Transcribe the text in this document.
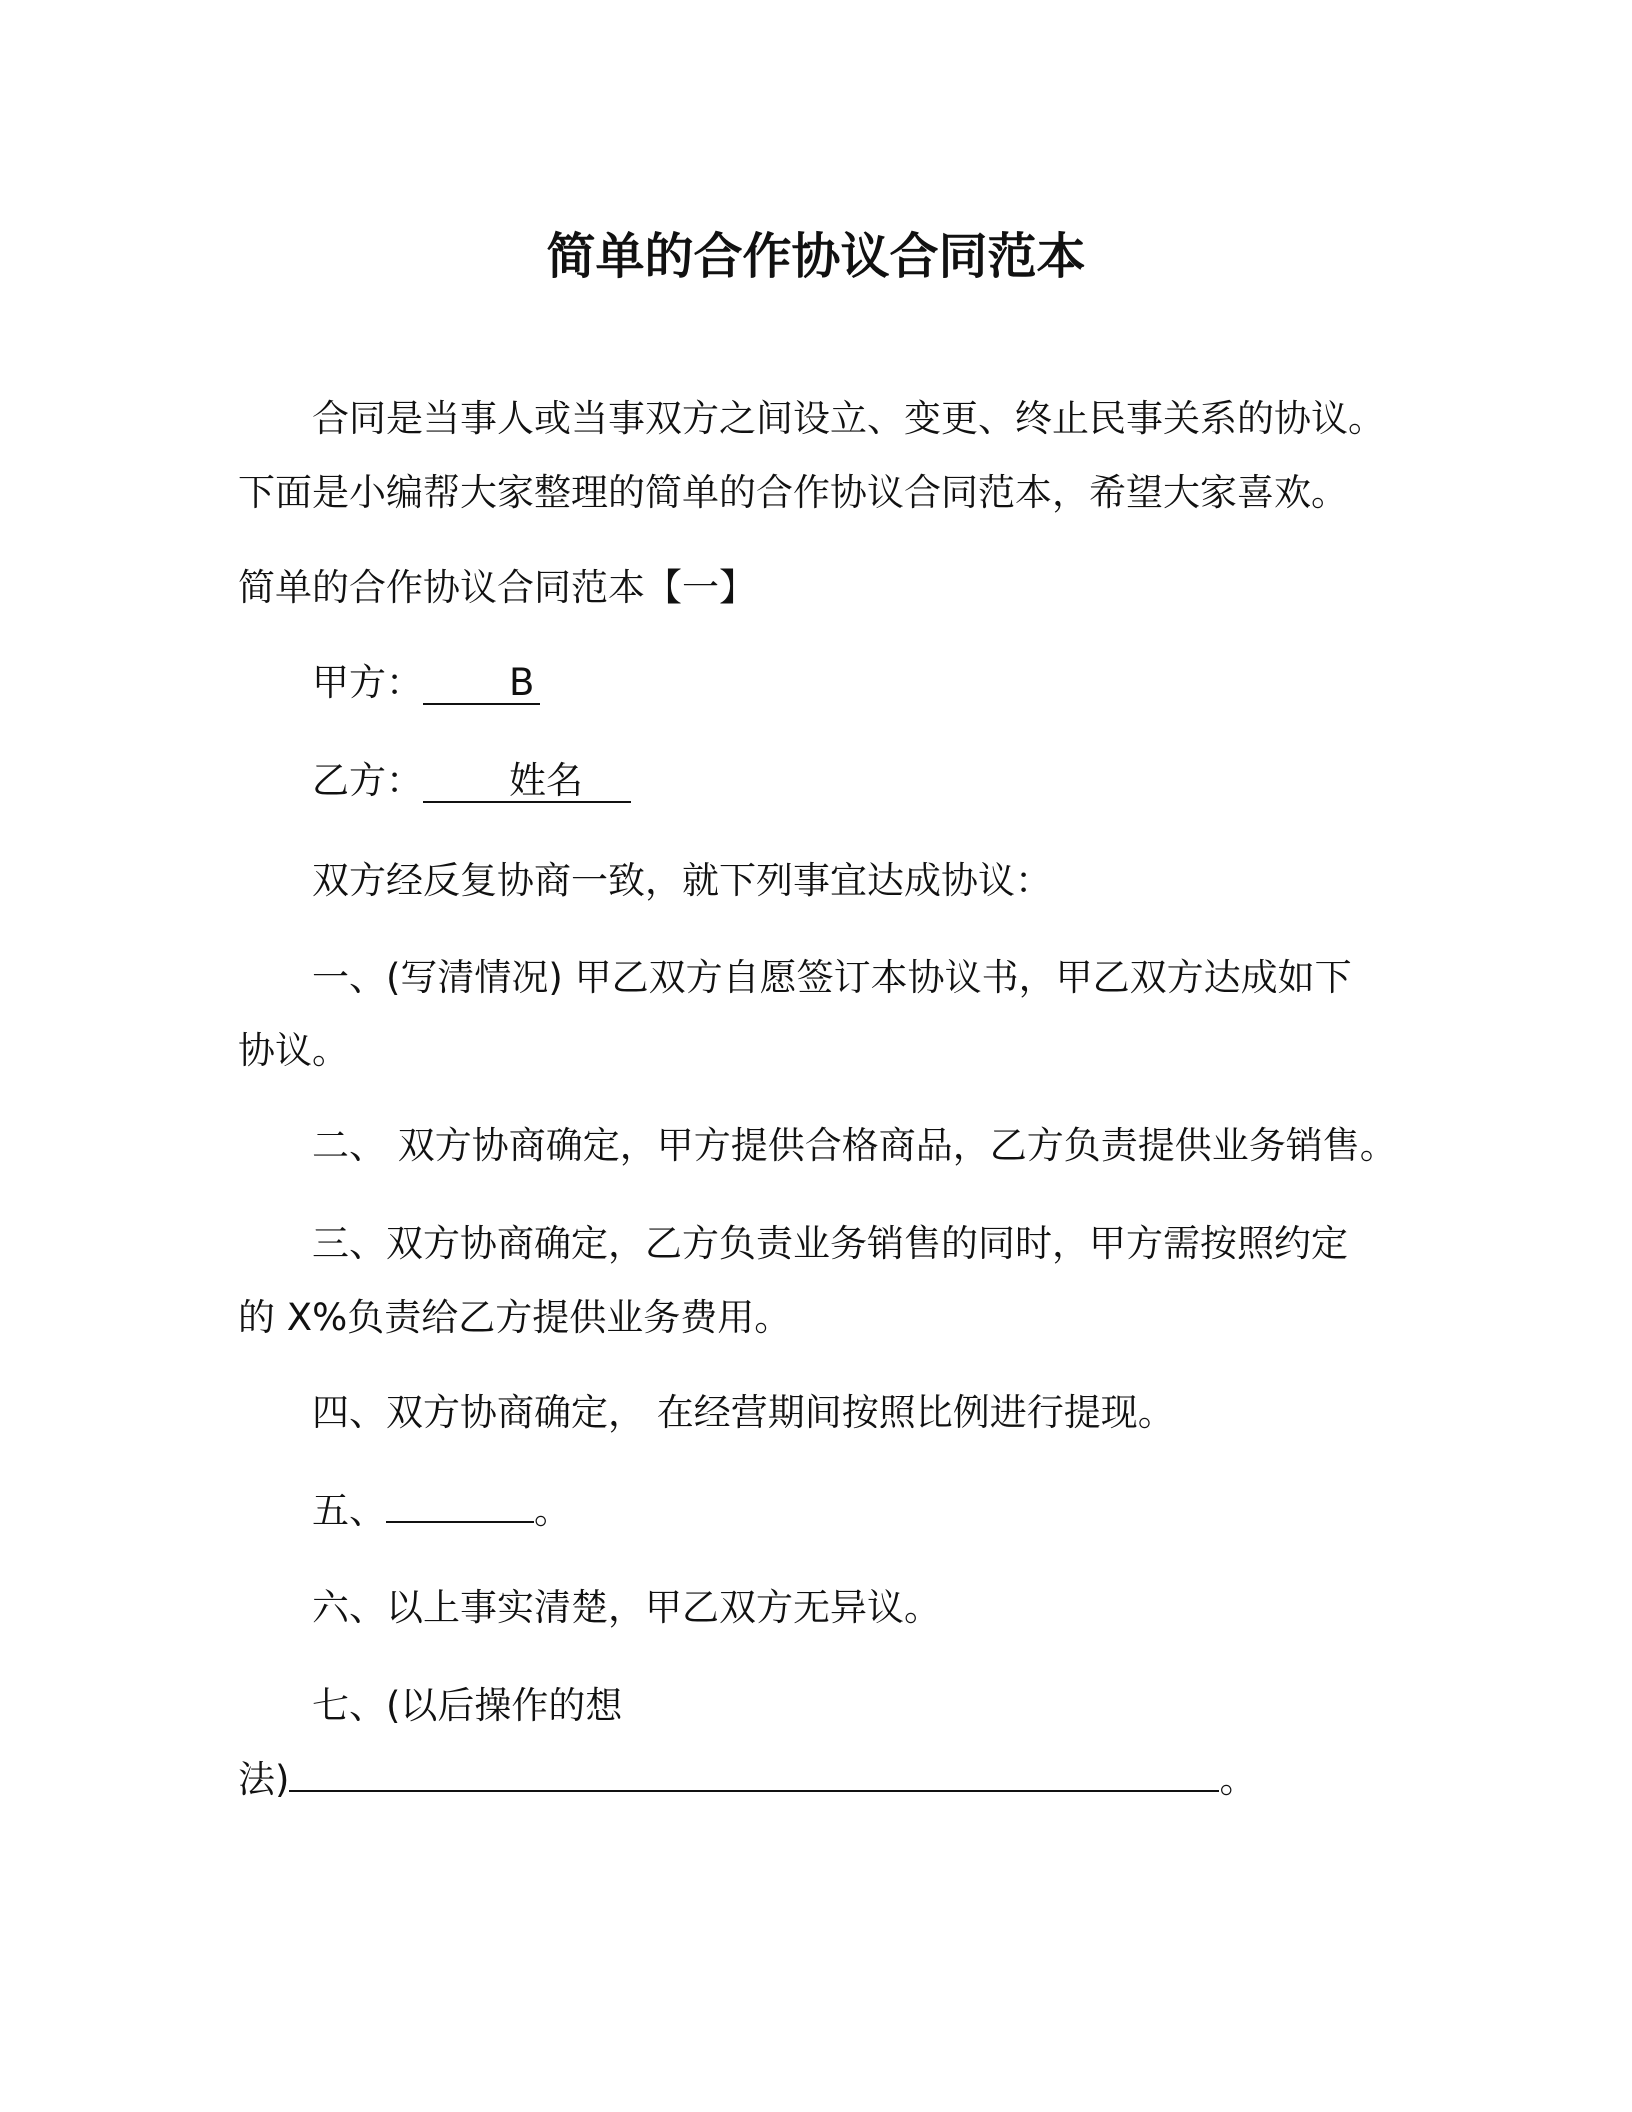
简单的合作协议合同范本
合同是当事人或当事双方之间设立、变更、终止民事关系的协议。
下面是小编帮大家整理的简单的合作协议合同范本，希望大家喜欢。
简单的合作协议合同范本【一】
甲方： B
乙方： 姓名
双方经反复协商一致，就下列事宜达成协议：
一、(写清情况) 甲乙双方自愿签订本协议书，甲乙双方达成如下
协议。
二、 双方协商确定，甲方提供合格商品，乙方负责提供业务销售。
三、双方协商确定，乙方负责业务销售的同时，甲方需按照约定
的 X%负责给乙方提供业务费用。
四、双方协商确定， 在经营期间按照比例进行提现。
五、	。
六、以上事实清楚，甲乙双方无异议。
七、(以后操作的想
法)	。
